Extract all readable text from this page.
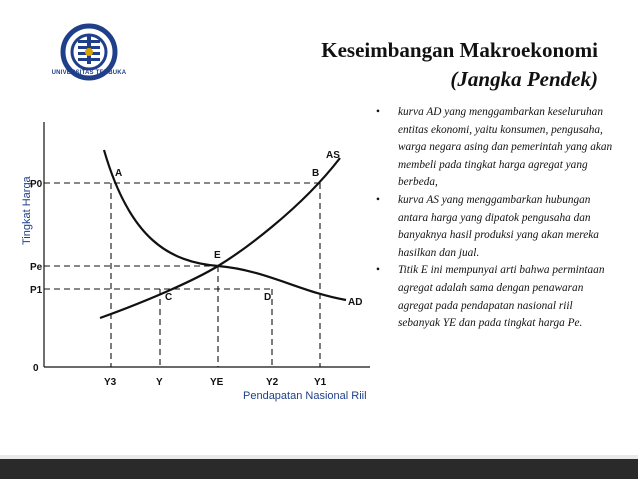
UNIVERSITAS TERBUKA
Keseimbangan Makroekonomi
(Jangka Pendek)
Tingkat Harga
Pendapatan Nasional Riil
0
P0
Pe
P1
Y3	Y	YE	Y2	Y1
AS
AD
A	B
C	D
E
• kurva AD yang menggambarkan keseluruhan entitas ekonomi, yaitu konsumen, pengusaha, warga negara asing dan pemerintah yang akan membeli pada tingkat harga agregat yang berbeda,
• kurva AS yang menggambarkan hubungan antara harga yang dipatok pengusaha dan banyaknya hasil produksi yang akan mereka hasilkan dan jual.
• Titik E ini mempunyai arti bahwa permintaan agregat adalah sama dengan penawaran agregat pada pendapatan nasional riil sebanyak YE dan pada tingkat harga Pe.
